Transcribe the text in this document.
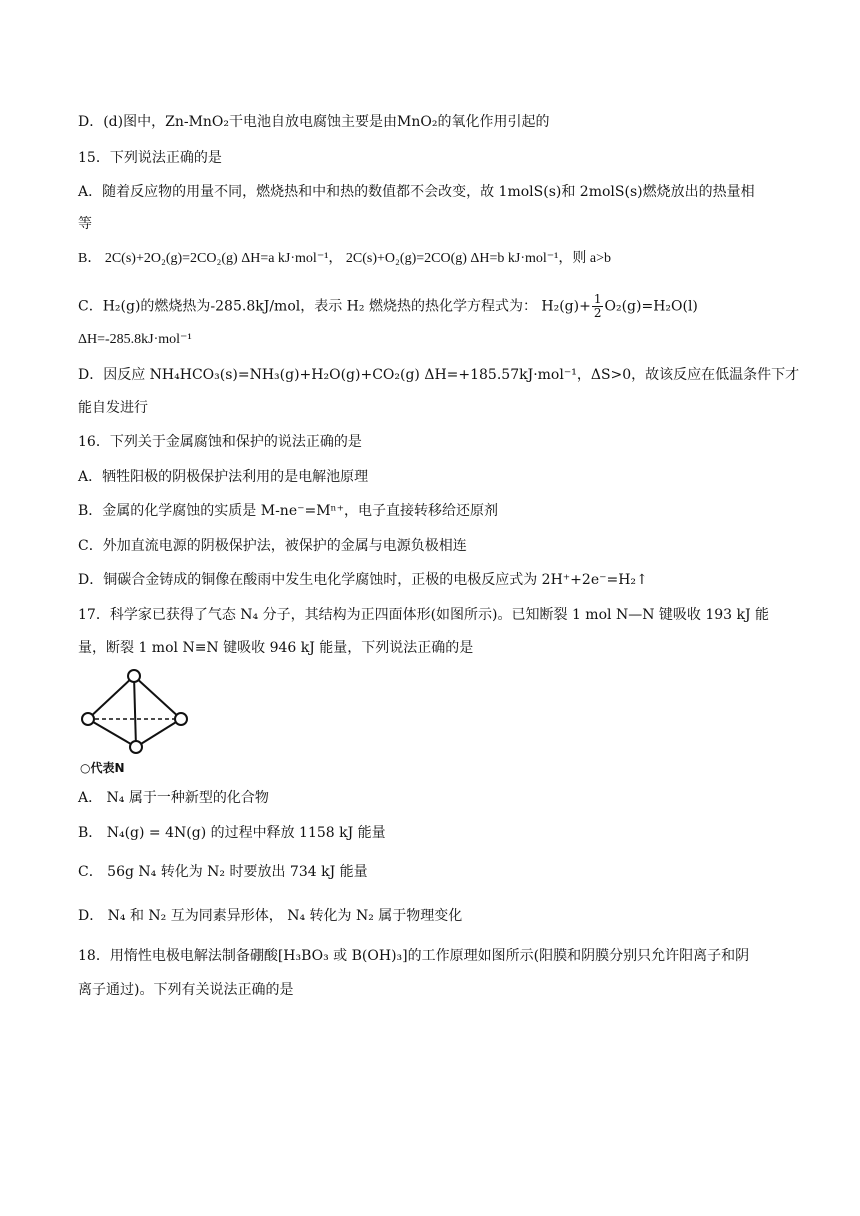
D．(d)图中，Zn-MnO₂干电池自放电腐蚀主要是由MnO₂的氧化作用引起的
15．下列说法正确的是
A．随着反应物的用量不同，燃烧热和中和热的数值都不会改变，故 1molS(s)和 2molS(s)燃烧放出的热量相
等
B． 2C(s)+2O₂(g)=2CO₂(g) ΔH=a kJ·mol⁻¹， 2C(s)+O₂(g)=2CO(g) ΔH=b kJ·mol⁻¹，则 a>b
C．H₂(g)的燃烧热为-285.8kJ/mol，表示 H₂ 燃烧热的热化学方程式为： $H_2(g)+ \frac{1}{2} O_2(g)=H_2O(l)$
ΔH=-285.8kJ·mol⁻¹
D．因反应 NH₄HCO₃(s)=NH₃(g)+H₂O(g)+CO₂(g) ΔH=+185.57kJ·mol⁻¹，ΔS>0，故该反应在低温条件下才
能自发进行
16．下列关于金属腐蚀和保护的说法正确的是
A．牺牲阳极的阴极保护法利用的是电解池原理
B．金属的化学腐蚀的实质是 M-ne⁻=Mⁿ⁺，电子直接转移给还原剂
C．外加直流电源的阴极保护法，被保护的金属与电源负极相连
D．铜碳合金铸成的铜像在酸雨中发生电化学腐蚀时，正极的电极反应式为 2H⁺+2e⁻=H₂↑
17．科学家已获得了气态 N₄ 分子，其结构为正四面体形(如图所示)。已知断裂 1 mol N—N 键吸收 193 kJ 能
量，断裂 1 mol N≡N 键吸收 946 kJ 能量，下列说法正确的是
○代表N
A． N₄ 属于一种新型的化合物
B． N₄(g) = 4N(g) 的过程中释放 1158 kJ 能量
C． 56g N₄ 转化为 N₂ 时要放出 734 kJ 能量
D． N₄ 和 N₂ 互为同素异形体， N₄ 转化为 N₂ 属于物理变化
18．用惰性电极电解法制备硼酸[H₃BO₃ 或 B(OH)₃]的工作原理如图所示(阳膜和阴膜分别只允许阳离子和阴
离子通过)。下列有关说法正确的是
